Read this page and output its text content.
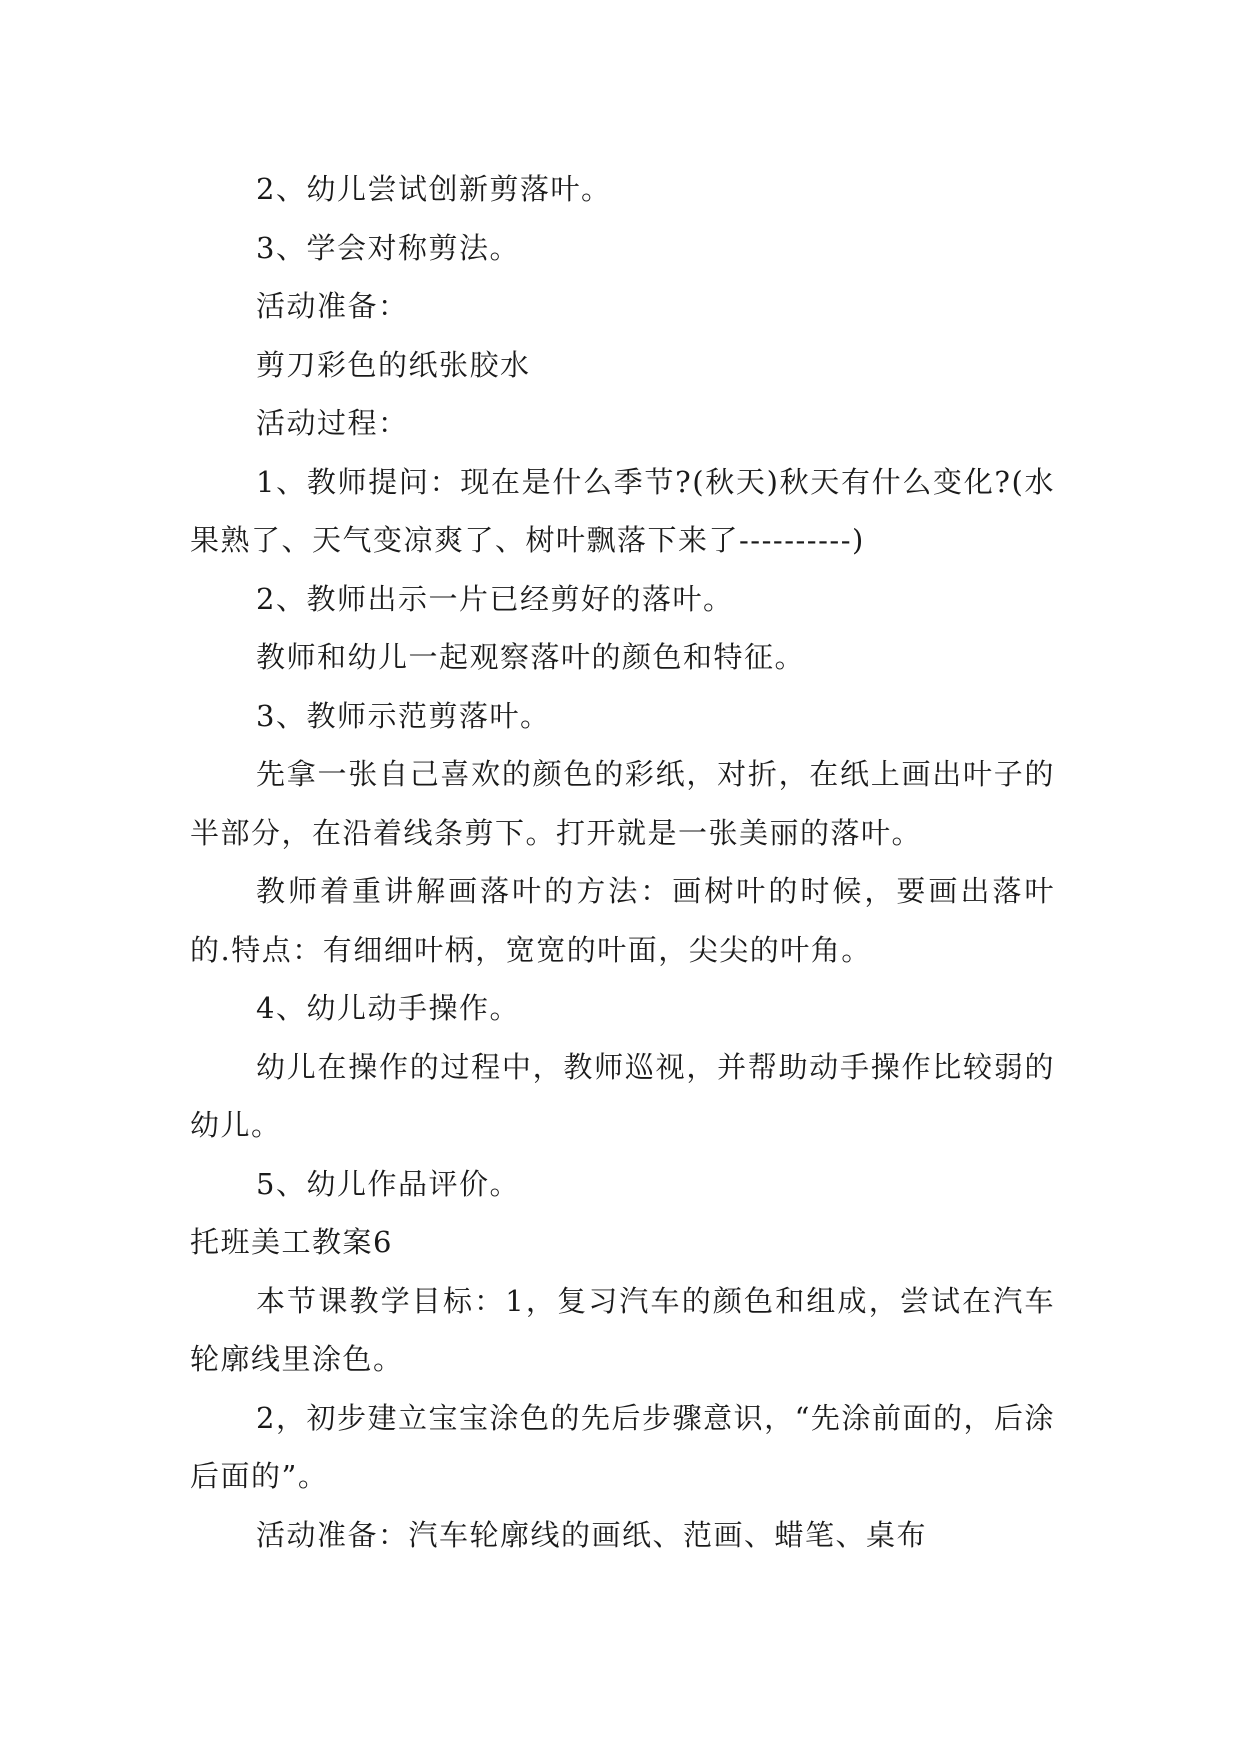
2、幼儿尝试创新剪落叶。

3、学会对称剪法。

活动准备：

剪刀彩色的纸张胶水

活动过程：

1、教师提问：现在是什么季节?(秋天)秋天有什么变化?(水果熟了、天气变凉爽了、树叶飘落下来了----------)

2、教师出示一片已经剪好的落叶。

教师和幼儿一起观察落叶的颜色和特征。

3、教师示范剪落叶。

先拿一张自己喜欢的颜色的彩纸，对折，在纸上画出叶子的半部分，在沿着线条剪下。打开就是一张美丽的落叶。

教师着重讲解画落叶的方法：画树叶的时候，要画出落叶的.特点：有细细叶柄，宽宽的叶面，尖尖的叶角。

4、幼儿动手操作。

幼儿在操作的过程中，教师巡视，并帮助动手操作比较弱的幼儿。

5、幼儿作品评价。

托班美工教案6

本节课教学目标：1，复习汽车的颜色和组成，尝试在汽车轮廓线里涂色。

2，初步建立宝宝涂色的先后步骤意识，“先涂前面的，后涂后面的”。

活动准备：汽车轮廓线的画纸、范画、蜡笔、桌布
